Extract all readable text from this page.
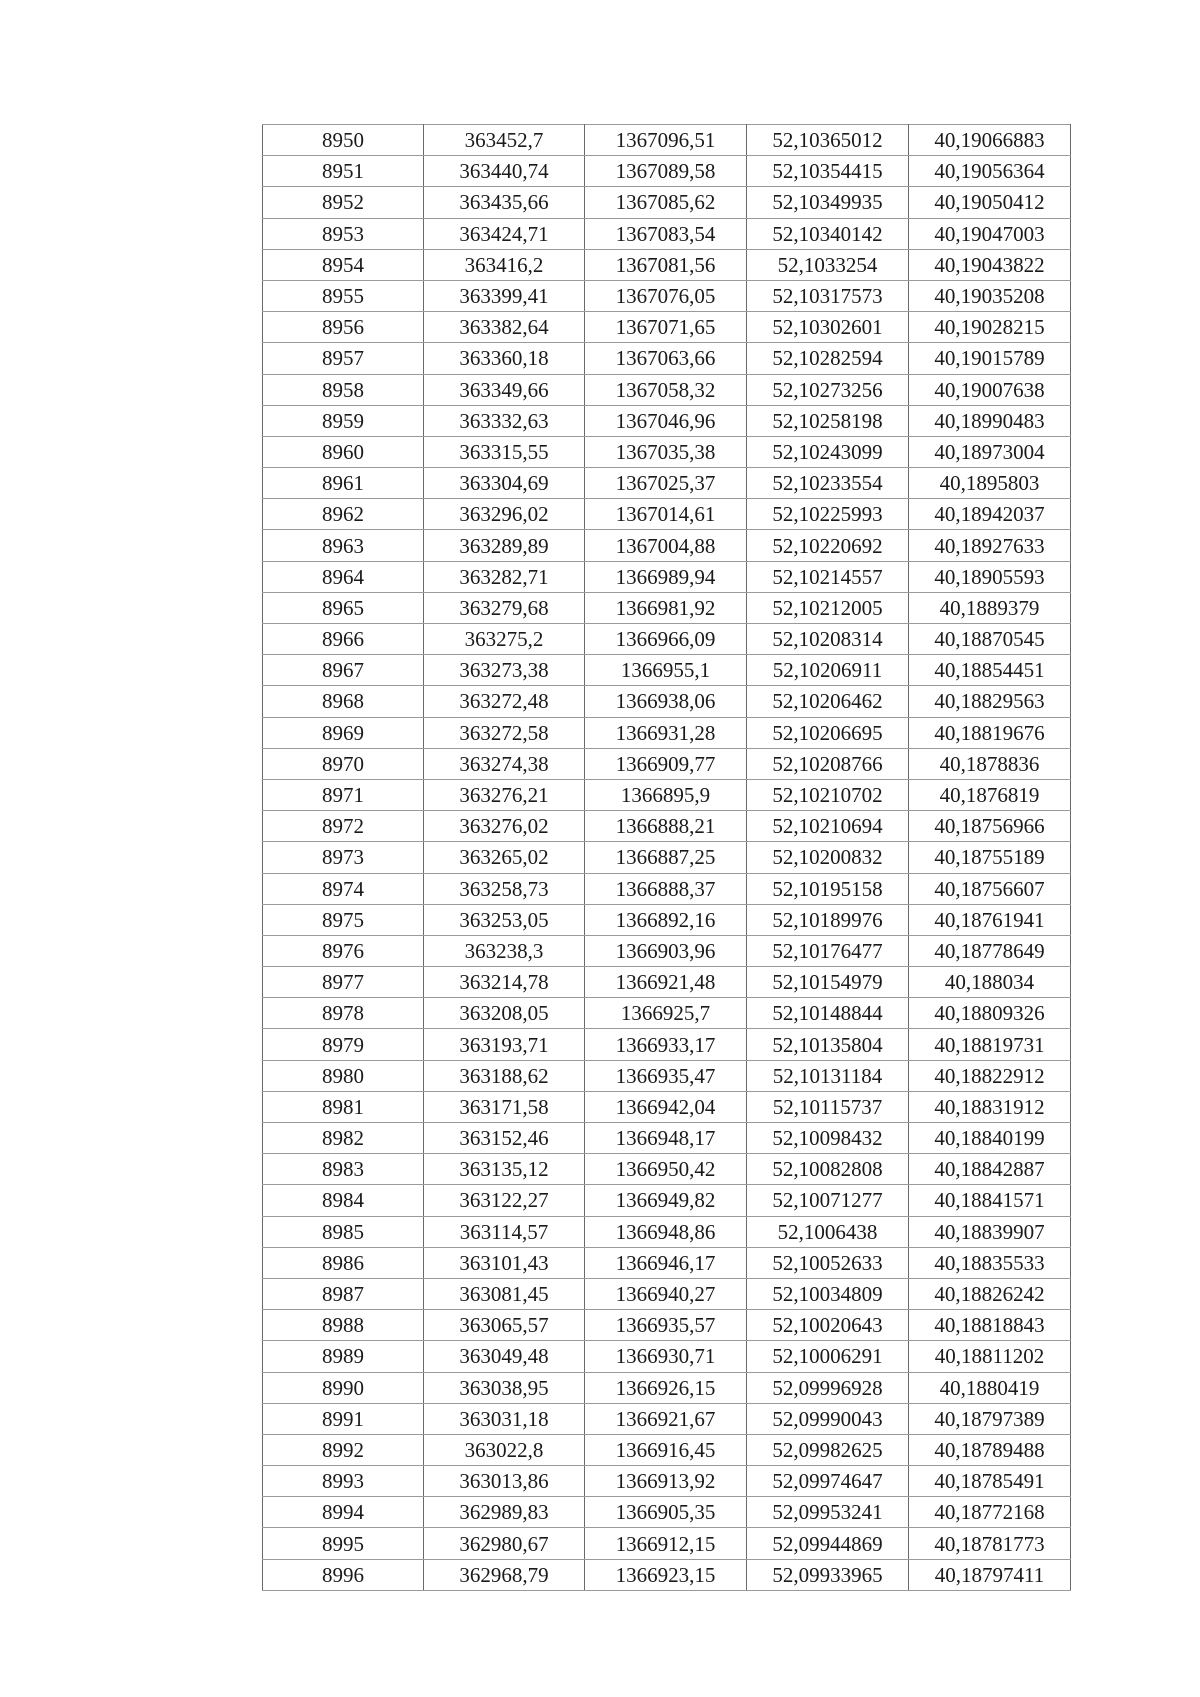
8950	363452,7	1367096,51	52,10365012	40,19066883
8951	363440,74	1367089,58	52,10354415	40,19056364
8952	363435,66	1367085,62	52,10349935	40,19050412
8953	363424,71	1367083,54	52,10340142	40,19047003
8954	363416,2	1367081,56	52,1033254	40,19043822
8955	363399,41	1367076,05	52,10317573	40,19035208
8956	363382,64	1367071,65	52,10302601	40,19028215
8957	363360,18	1367063,66	52,10282594	40,19015789
8958	363349,66	1367058,32	52,10273256	40,19007638
8959	363332,63	1367046,96	52,10258198	40,18990483
8960	363315,55	1367035,38	52,10243099	40,18973004
8961	363304,69	1367025,37	52,10233554	40,1895803
8962	363296,02	1367014,61	52,10225993	40,18942037
8963	363289,89	1367004,88	52,10220692	40,18927633
8964	363282,71	1366989,94	52,10214557	40,18905593
8965	363279,68	1366981,92	52,10212005	40,1889379
8966	363275,2	1366966,09	52,10208314	40,18870545
8967	363273,38	1366955,1	52,10206911	40,18854451
8968	363272,48	1366938,06	52,10206462	40,18829563
8969	363272,58	1366931,28	52,10206695	40,18819676
8970	363274,38	1366909,77	52,10208766	40,1878836
8971	363276,21	1366895,9	52,10210702	40,1876819
8972	363276,02	1366888,21	52,10210694	40,18756966
8973	363265,02	1366887,25	52,10200832	40,18755189
8974	363258,73	1366888,37	52,10195158	40,18756607
8975	363253,05	1366892,16	52,10189976	40,18761941
8976	363238,3	1366903,96	52,10176477	40,18778649
8977	363214,78	1366921,48	52,10154979	40,188034
8978	363208,05	1366925,7	52,10148844	40,18809326
8979	363193,71	1366933,17	52,10135804	40,18819731
8980	363188,62	1366935,47	52,10131184	40,18822912
8981	363171,58	1366942,04	52,10115737	40,18831912
8982	363152,46	1366948,17	52,10098432	40,18840199
8983	363135,12	1366950,42	52,10082808	40,18842887
8984	363122,27	1366949,82	52,10071277	40,18841571
8985	363114,57	1366948,86	52,1006438	40,18839907
8986	363101,43	1366946,17	52,10052633	40,18835533
8987	363081,45	1366940,27	52,10034809	40,18826242
8988	363065,57	1366935,57	52,10020643	40,18818843
8989	363049,48	1366930,71	52,10006291	40,18811202
8990	363038,95	1366926,15	52,09996928	40,1880419
8991	363031,18	1366921,67	52,09990043	40,18797389
8992	363022,8	1366916,45	52,09982625	40,18789488
8993	363013,86	1366913,92	52,09974647	40,18785491
8994	362989,83	1366905,35	52,09953241	40,18772168
8995	362980,67	1366912,15	52,09944869	40,18781773
8996	362968,79	1366923,15	52,09933965	40,18797411
